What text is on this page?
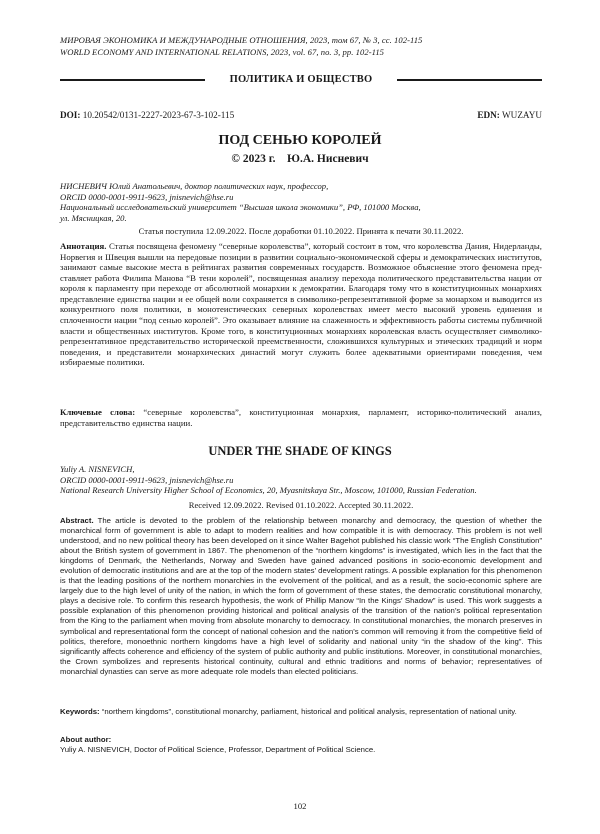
МИРОВАЯ ЭКОНОМИКА И МЕЖДУНАРОДНЫЕ ОТНОШЕНИЯ, 2023, том 67, № 3, сс. 102-115
WORLD ECONOMY AND INTERNATIONAL RELATIONS, 2023, vol. 67, no. 3, pp. 102-115
ПОЛИТИКА И ОБЩЕСТВО
DOI: 10.20542/0131-2227-2023-67-3-102-115	EDN: WUZAYU
ПОД СЕНЬЮ КОРОЛЕЙ
© 2023 г.    Ю.А. Нисневич
НИСНЕВИЧ Юлий Анатольевич, доктор политических наук, профессор,
ORCID 0000-0001-9911-9623, jnisnevich@hse.ru
Национальный исследовательский университет “Высшая школа экономики”, РФ, 101000 Москва,
ул. Мясницкая, 20.
Статья поступила 12.09.2022. После доработки 01.10.2022. Принята к печати 30.11.2022.
Аннотация. Статья посвящена феномену “северные королевства”, который состоит в том, что королевства Дания, Нидерланды, Норвегия и Швеция вышли на передовые позиции в развитии социально-экономической сферы и демократических институтов, занимают самые высокие места в рейтингах развития современных государств. Возможное объяснение этого феномена представляет работа Филипа Манова “В тени королей”, посвященная анализу перехода политического представительства нации от короля к парламенту при переходе от абсолютной монархии к демократии. Благодаря тому что в конституционных монархиях представление единства нации и ее общей воли сохраняется в символико-репрезентативной форме за монархом и выводится из конкурентного поля политики, в монотеистических северных королевствах имеет место высокий уровень единения и сплоченности нации “под сенью королей”. Это оказывает влияние на слаженность и эффективность работы системы публичной власти и общественных институтов. Кроме того, в конституционных монархиях королевская власть осуществляет символико-репрезентативное представительство исторической преемственности, сложившихся культурных и этических традиций и норм поведения, и представители монархических династий могут служить более адекватными ориентирами поведения, чем избираемые политики.
Ключевые слова: “северные королевства”, конституционная монархия, парламент, историко-политический анализ, представительство единства нации.
UNDER THE SHADE OF KINGS
Yuliy A. NISNEVICH,
ORCID 0000-0001-9911-9623, jnisnevich@hse.ru
National Research University Higher School of Economics, 20, Myasnitskaya Str., Moscow, 101000, Russian Federation.
Received 12.09.2022. Revised 01.10.2022. Accepted 30.11.2022.
Abstract. The article is devoted to the problem of the relationship between monarchy and democracy, the question of whether the monarchical form of government is able to adapt to modern realities and how compatible it is with democracy. This problem is not well understood, and no new political theory has been developed on it since Walter Bagehot published his classic work “The English Constitution” about the British system of government in 1867. The phenomenon of the “northern kingdoms” is investigated, which lies in the fact that the kingdoms of Denmark, the Netherlands, Norway and Sweden have gained advanced positions in socio-economic development and evolution of democratic institutions and are at the top of the modern states’ development ratings. A possible explanation for this phenomenon is that the leading positions of the northern monarchies in the evolvement of the political, and as a result, the socio-economic sphere are largely due to the high level of unity of the nation, in which the form of government of these states, the democratic constitutional monarchy, plays a decisive role. To confirm this research hypothesis, the work of Phillip Manow “In the Kings’ Shadow” is used. This work suggests a possible explanation of this phenomenon providing historical and political analysis of the transition of the nation’s political representation from the King to the parliament when moving from absolute monarchy to democracy. In constitutional monarchies, the monarch preserves in symbolical and representational form the concept of national cohesion and the nation’s common will removing it from the competitive field of politics, therefore, monoethnic northern kingdoms have a high level of solidarity and national unity “in the shadow of the king”. This significantly affects coherence and efficiency of the system of public authority and public institutions. Moreover, in constitutional monarchies, the Crown symbolizes and represents historical continuity, cultural and ethnic traditions and norms of behavior; representatives of monarchial dynasties can serve as more adequate role models than elected politicians.
Keywords: “northern kingdoms”, constitutional monarchy, parliament, historical and political analysis, representation of national unity.
About author:
Yuliy A. NISNEVICH, Doctor of Political Science, Professor, Department of Political Science.
102
